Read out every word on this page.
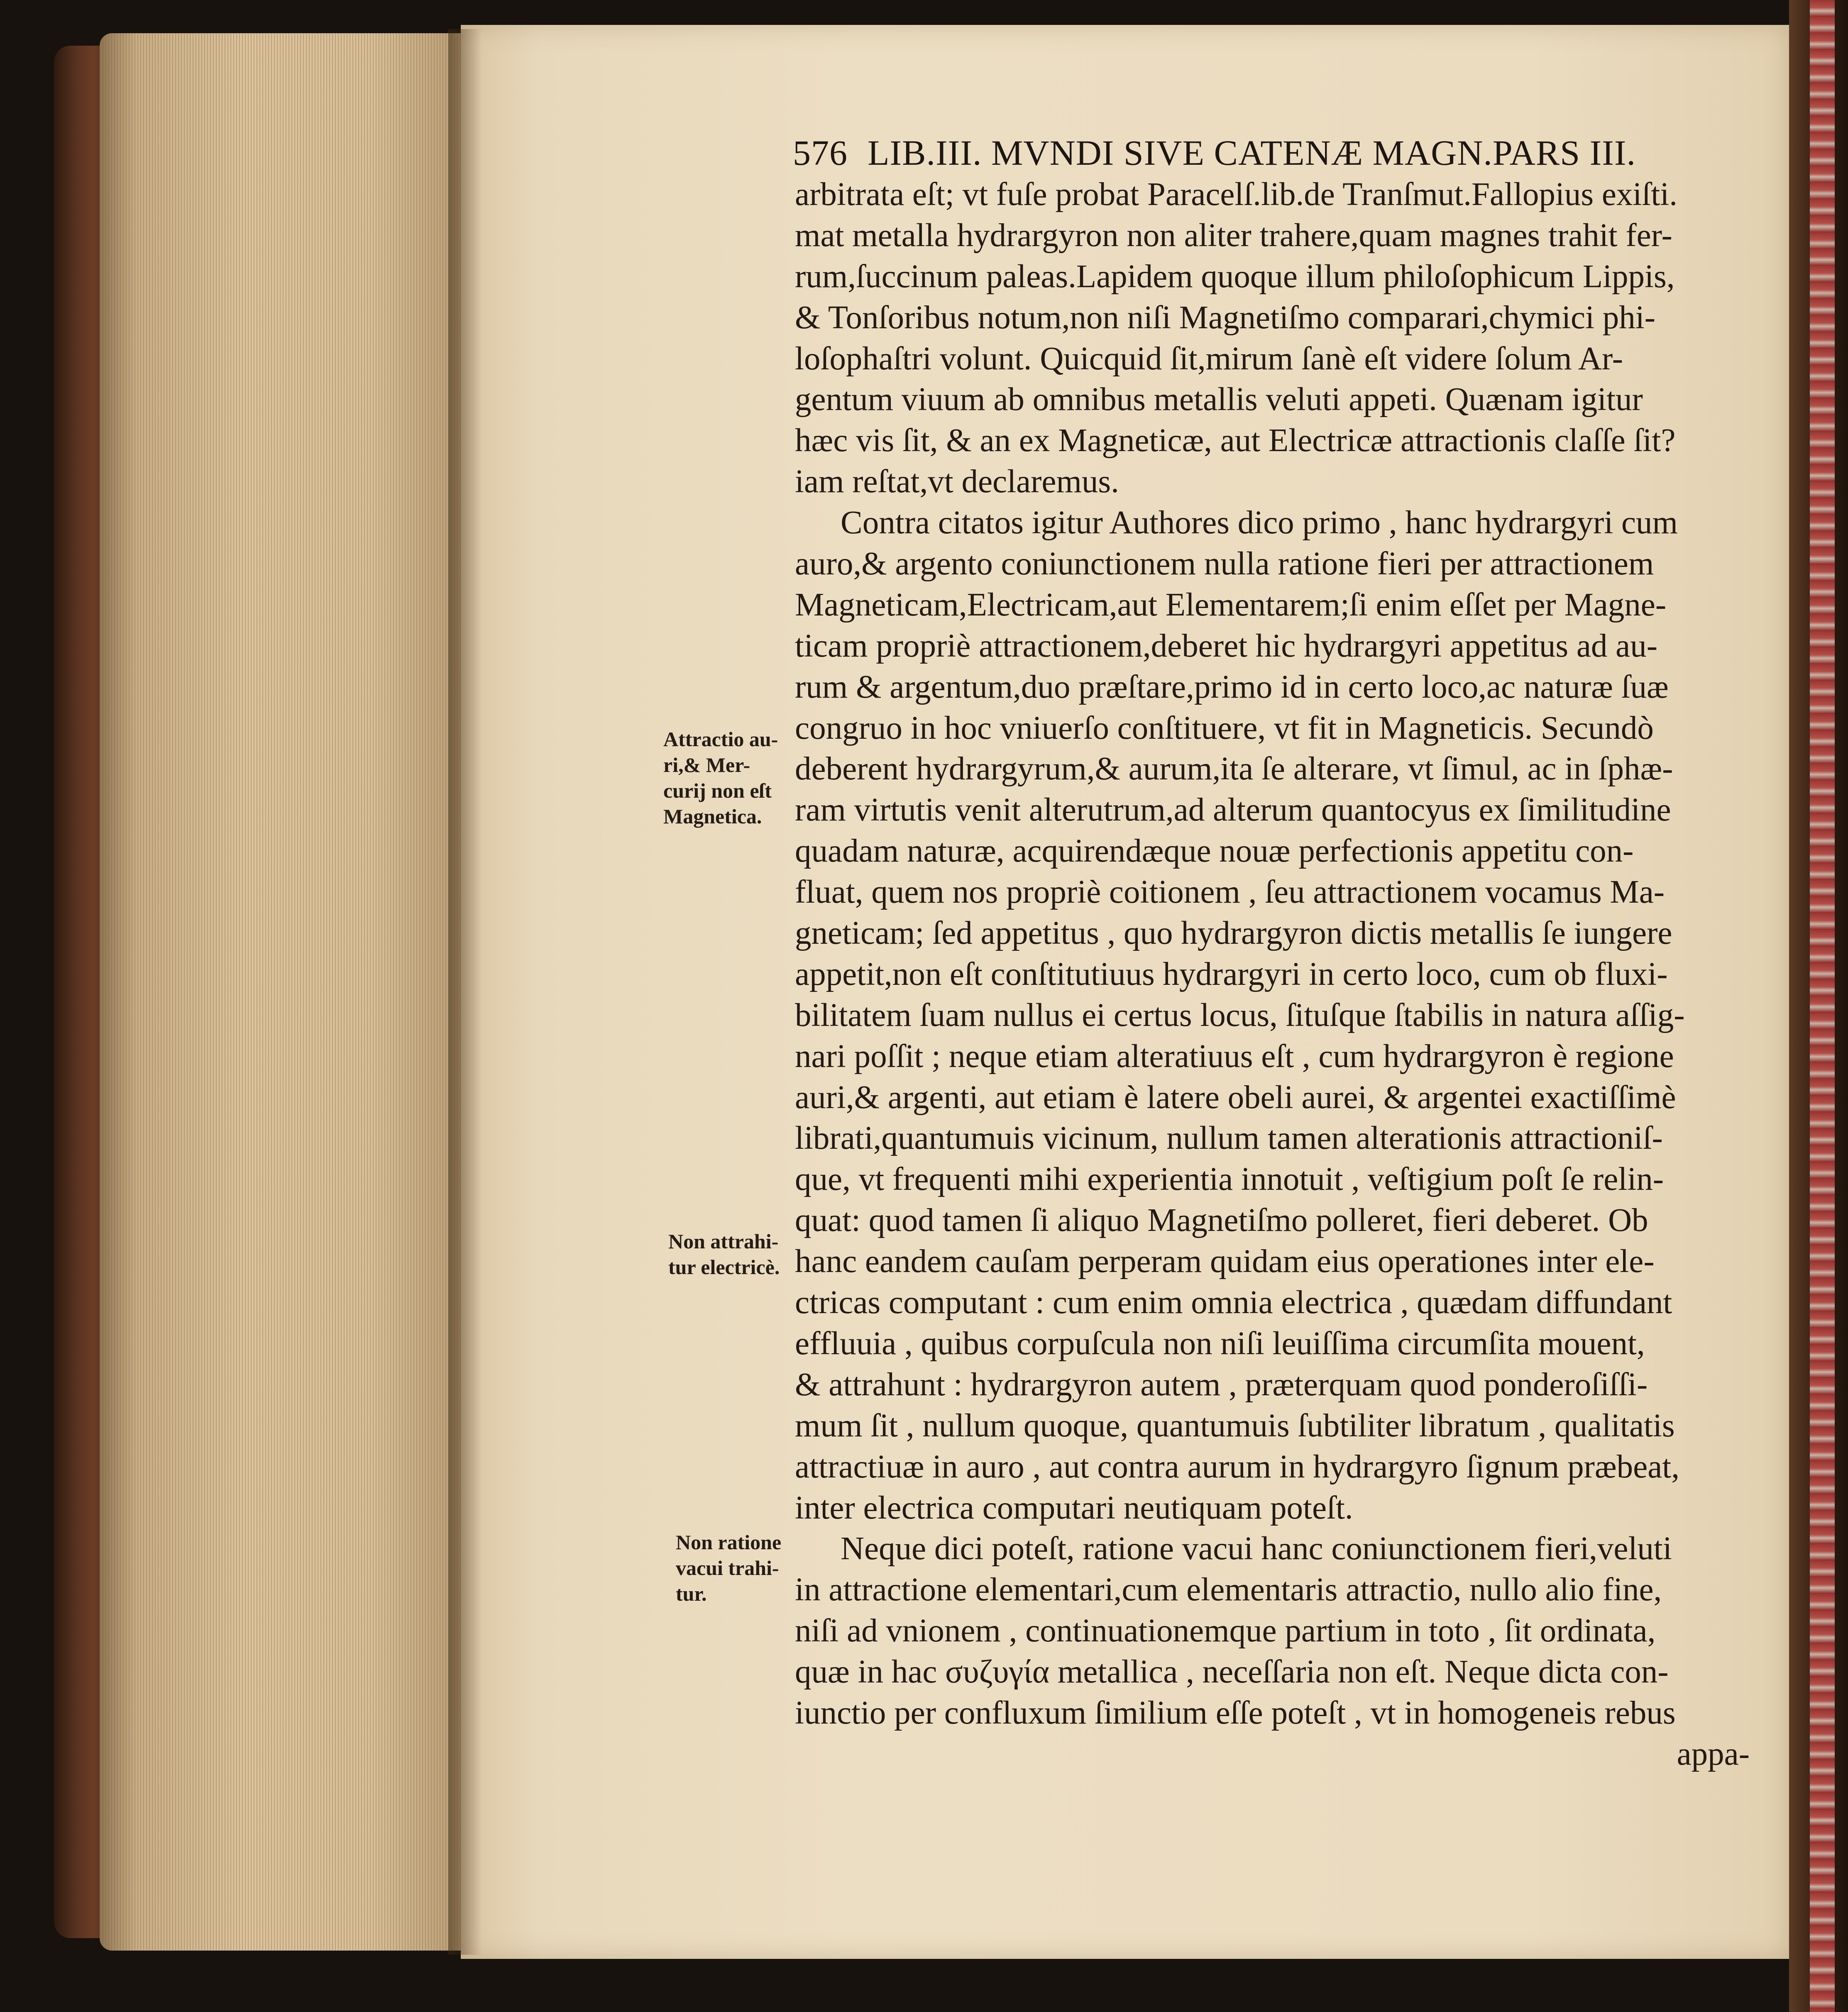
576 LIB.III. MVNDI SIVE CATENÆ MAGN.PARS III.
arbitrata eſt; vt fuſe probat Paracelſ.lib.de Tranſmut.Fallopius exiſti.
mat metalla hydrargyron non aliter trahere,quam magnes trahit fer-
rum,ſuccinum paleas.Lapidem quoque illum philoſophicum Lippis,
& Tonſoribus notum,non niſi Magnetiſmo comparari,chymici phi-
loſophaſtri volunt. Quicquid ſit,mirum ſanè eſt videre ſolum Ar-
gentum viuum ab omnibus metallis veluti appeti. Quænam igitur
hæc vis ſit, & an ex Magneticæ, aut Electricæ attractionis claſſe ſit?
iam reſtat,vt declaremus.
Contra citatos igitur Authores dico primo , hanc hydrargyri cum
auro,& argento coniunctionem nulla ratione fieri per attractionem
Magneticam,Electricam,aut Elementarem;ſi enim eſſet per Magne-
ticam propriè attractionem,deberet hic hydrargyri appetitus ad au-
rum & argentum,duo præſtare,primo id in certo loco,ac naturæ ſuæ
congruo in hoc vniuerſo conſtituere, vt fit in Magneticis. Secundò
deberent hydrargyrum,& aurum,ita ſe alterare, vt ſimul, ac in ſphæ-
ram virtutis venit alterutrum,ad alterum quantocyus ex ſimilitudine
quadam naturæ, acquirendæque nouæ perfectionis appetitu con-
fluat, quem nos propriè coitionem , ſeu attractionem vocamus Ma-
gneticam; ſed appetitus , quo hydrargyron dictis metallis ſe iungere
appetit,non eſt conſtitutiuus hydrargyri in certo loco, cum ob fluxi-
bilitatem ſuam nullus ei certus locus, ſituſque ſtabilis in natura aſſig-
nari poſſit ; neque etiam alteratiuus eſt , cum hydrargyron è regione
auri,& argenti, aut etiam è latere obeli aurei, & argentei exactiſſimè
librati,quantumuis vicinum, nullum tamen alterationis attractioniſ-
que, vt frequenti mihi experientia innotuit , veſtigium poſt ſe relin-
quat: quod tamen ſi aliquo Magnetiſmo polleret, fieri deberet. Ob
hanc eandem cauſam perperam quidam eius operationes inter ele-
ctricas computant : cum enim omnia electrica , quædam diffundant
effluuia , quibus corpuſcula non niſi leuiſſima circumſita mouent,
& attrahunt : hydrargyron autem , præterquam quod ponderoſiſſi-
mum ſit , nullum quoque, quantumuis ſubtiliter libratum , qualitatis
attractiuæ in auro , aut contra aurum in hydrargyro ſignum præbeat,
inter electrica computari neutiquam poteſt.
Neque dici poteſt, ratione vacui hanc coniunctionem fieri,veluti
in attractione elementari,cum elementaris attractio, nullo alio fine,
niſi ad vnionem , continuationemque partium in toto , ſit ordinata,
quæ in hac συζυγία metallica , neceſſaria non eſt. Neque dicta con-
iunctio per confluxum ſimilium eſſe poteſt , vt in homogeneis rebus
appa-
Attractio au-
ri,& Mer-
curij non eſt
Magnetica.
Non attrahi-
tur electricè.
Non ratione
vacui trahi-
tur.
